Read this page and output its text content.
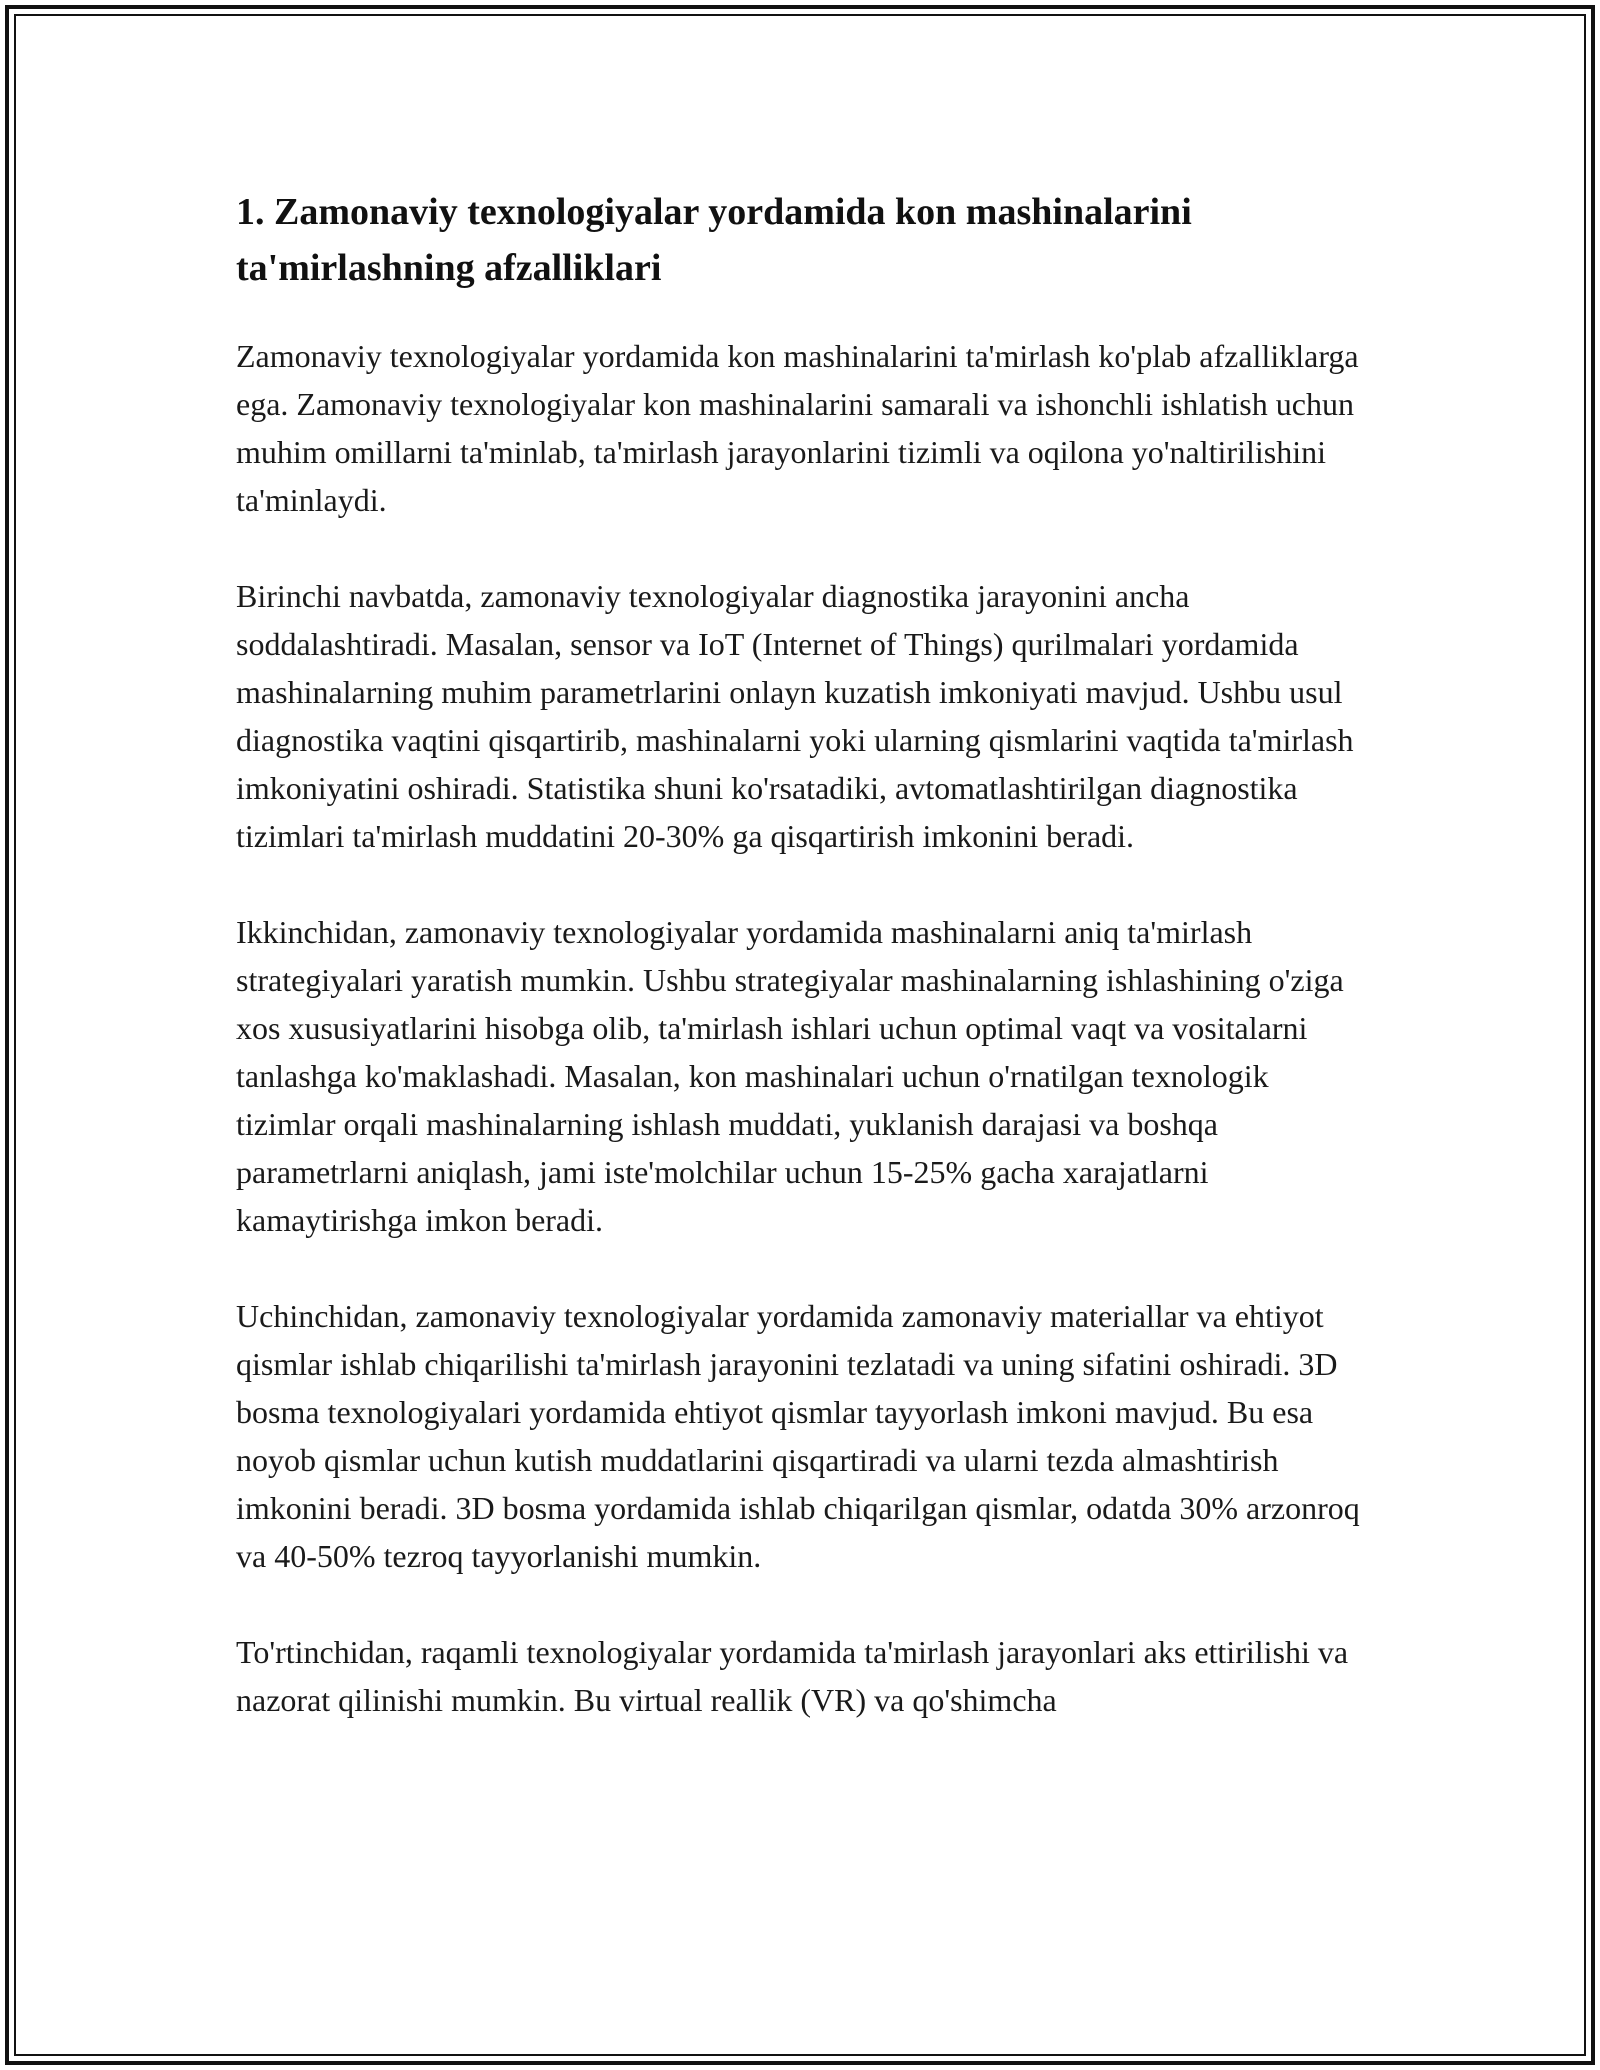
1. Zamonaviy texnologiyalar yordamida kon mashinalarini ta'mirlashning afzalliklari

Zamonaviy texnologiyalar yordamida kon mashinalarini ta'mirlash ko'plab afzalliklarga ega. Zamonaviy texnologiyalar kon mashinalarini samarali va ishonchli ishlatish uchun muhim omillarni ta'minlab, ta'mirlash jarayonlarini tizimli va oqilona yo'naltirilishini ta'minlaydi.

Birinchi navbatda, zamonaviy texnologiyalar diagnostika jarayonini ancha soddalashtiradi. Masalan, sensor va IoT (Internet of Things) qurilmalari yordamida mashinalarning muhim parametrlarini onlayn kuzatish imkoniyati mavjud. Ushbu usul diagnostika vaqtini qisqartirib, mashinalarni yoki ularning qismlarini vaqtida ta'mirlash imkoniyatini oshiradi. Statistika shuni ko'rsatadiki, avtomatlashtirilgan diagnostika tizimlari ta'mirlash muddatini 20-30% ga qisqartirish imkonini beradi.

Ikkinchidan, zamonaviy texnologiyalar yordamida mashinalarni aniq ta'mirlash strategiyalari yaratish mumkin. Ushbu strategiyalar mashinalarning ishlashining o'ziga xos xususiyatlarini hisobga olib, ta'mirlash ishlari uchun optimal vaqt va vositalarni tanlashga ko'maklashadi. Masalan, kon mashinalari uchun o'rnatilgan texnologik tizimlar orqali mashinalarning ishlash muddati, yuklanish darajasi va boshqa parametrlarni aniqlash, jami iste'molchilar uchun 15-25% gacha xarajatlarni kamaytirishga imkon beradi.

Uchinchidan, zamonaviy texnologiyalar yordamida zamonaviy materiallar va ehtiyot qismlar ishlab chiqarilishi ta'mirlash jarayonini tezlatadi va uning sifatini oshiradi. 3D bosma texnologiyalari yordamida ehtiyot qismlar tayyorlash imkoni mavjud. Bu esa noyob qismlar uchun kutish muddatlarini qisqartiradi va ularni tezda almashtirish imkonini beradi. 3D bosma yordamida ishlab chiqarilgan qismlar, odatda 30% arzonroq va 40-50% tezroq tayyorlanishi mumkin.

To'rtinchidan, raqamli texnologiyalar yordamida ta'mirlash jarayonlari aks ettirilishi va nazorat qilinishi mumkin. Bu virtual reallik (VR) va qo'shimcha
